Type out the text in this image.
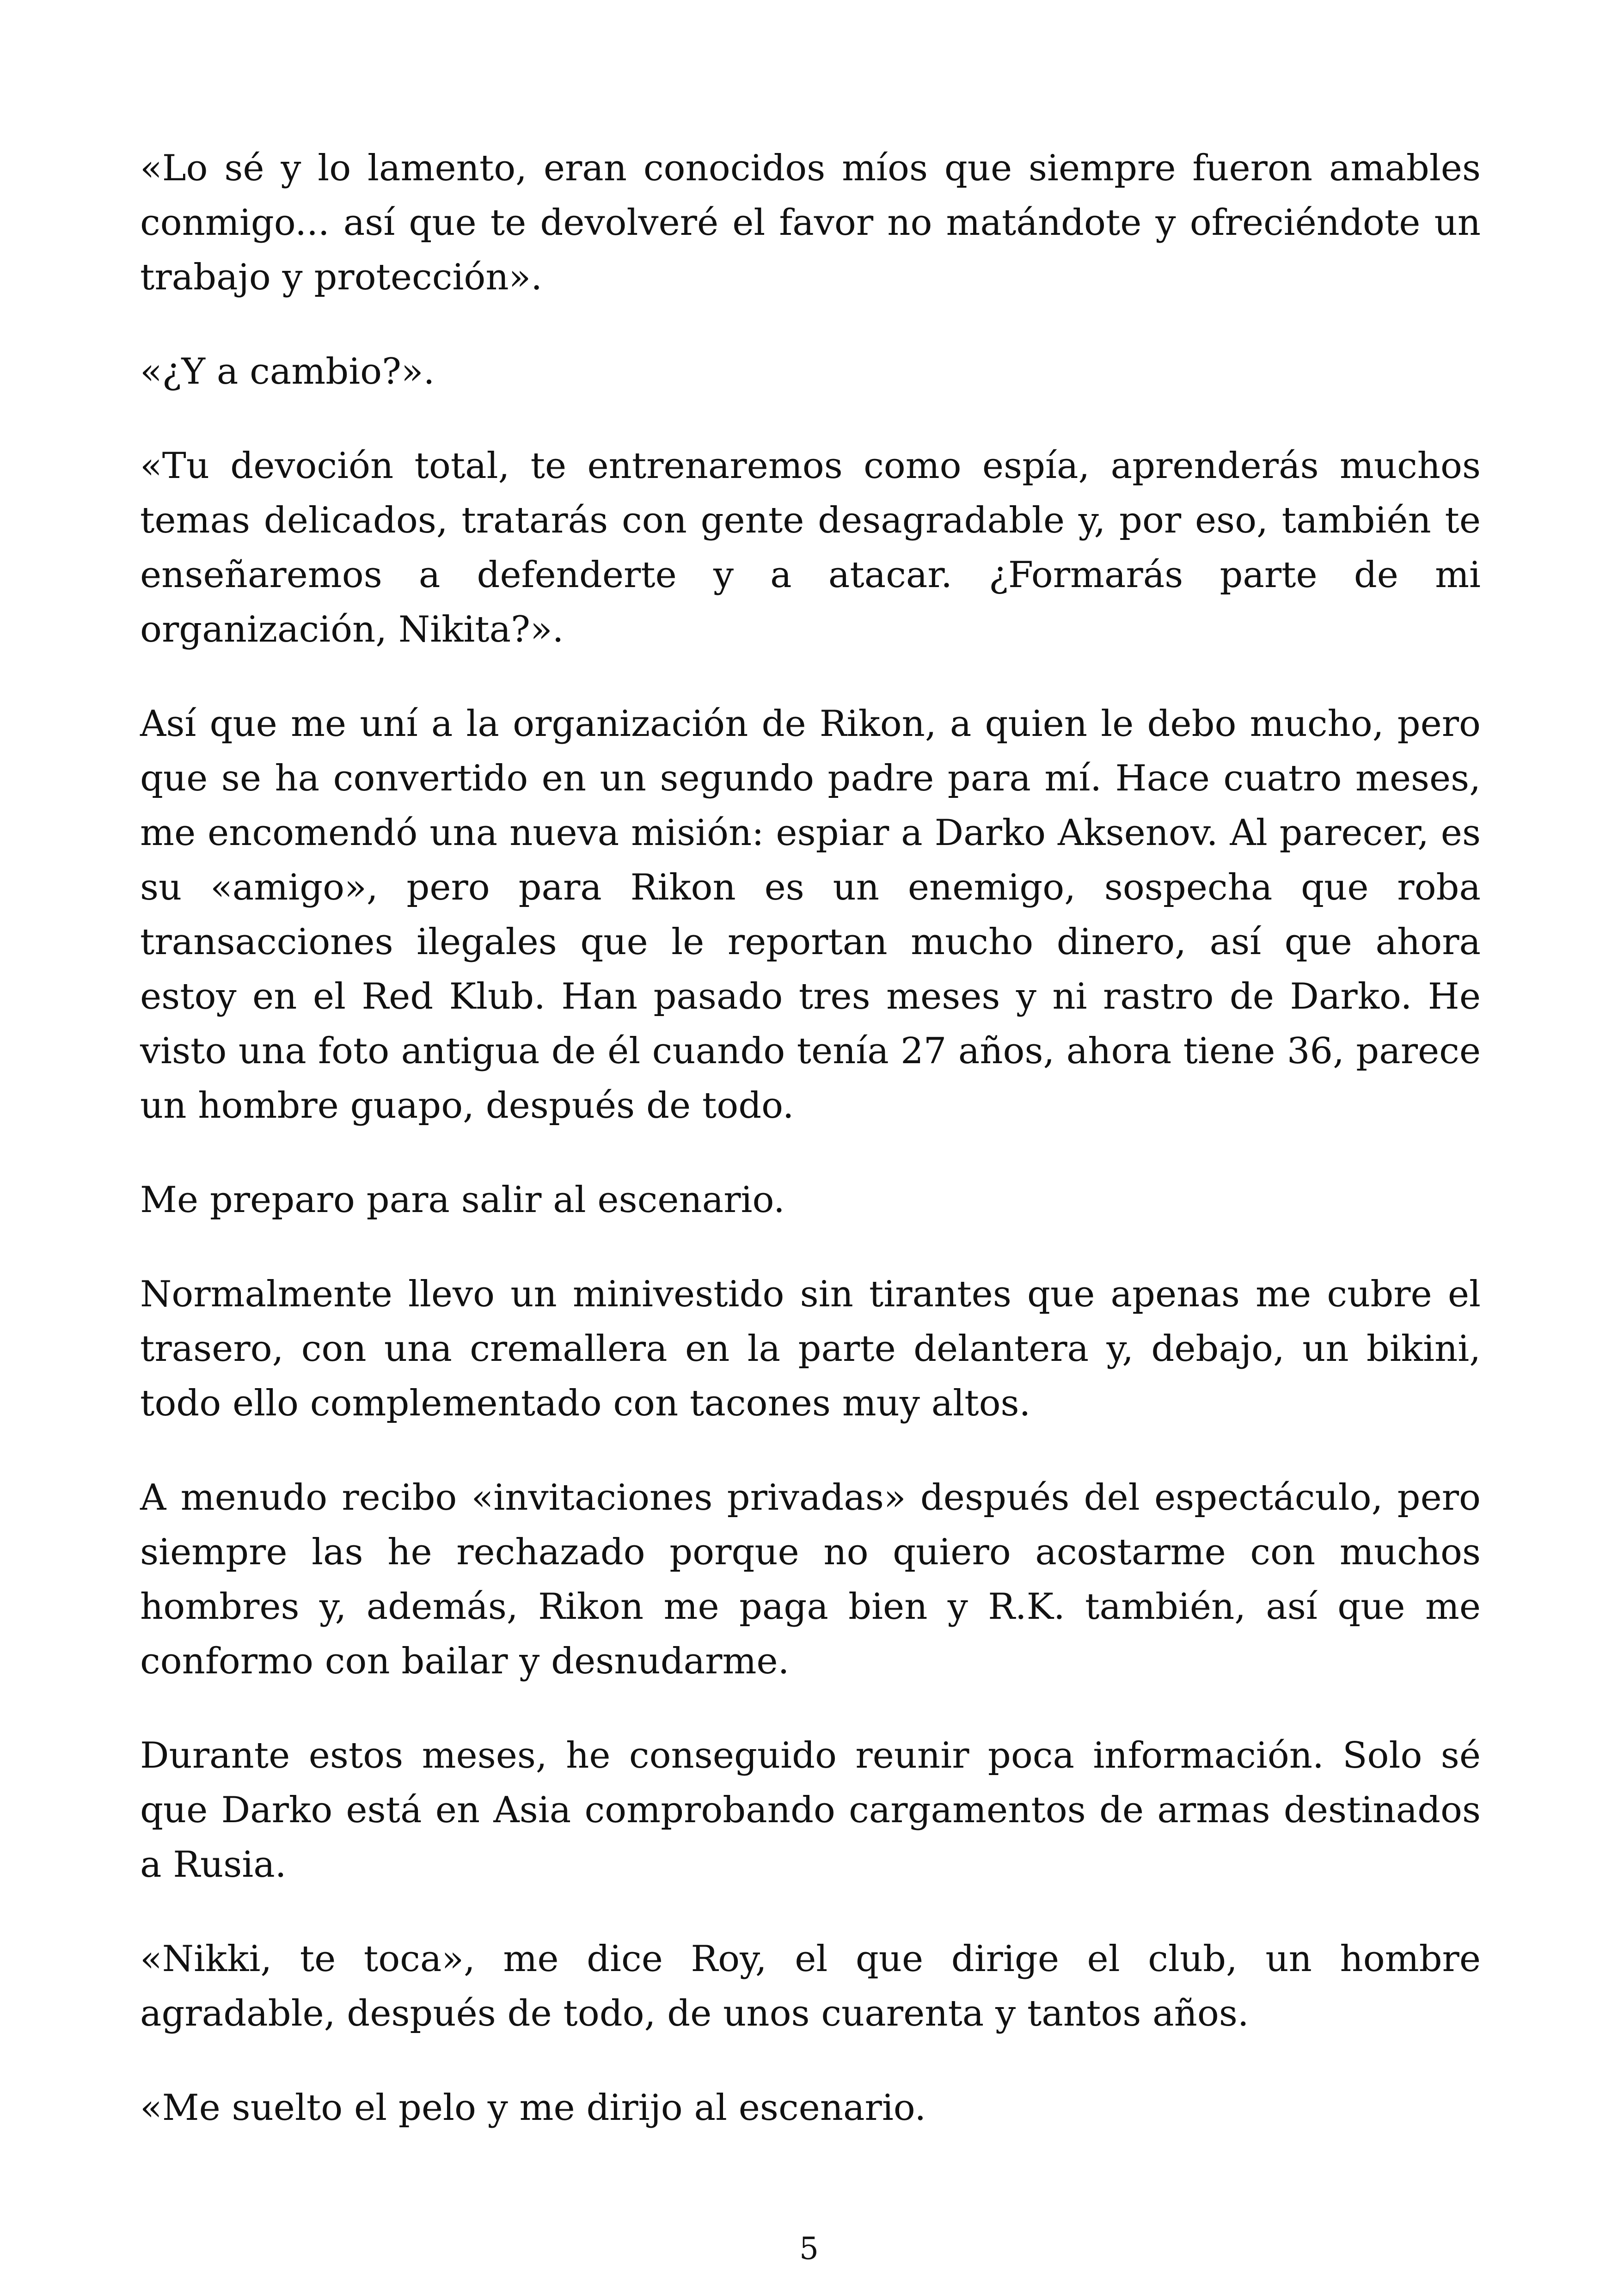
«Lo sé y lo lamento, eran conocidos míos que siempre fueron amables conmigo... así que te devolveré el favor no matándote y ofreciéndote un trabajo y protección».

«¿Y a cambio?».

«Tu devoción total, te entrenaremos como espía, aprenderás muchos temas delicados, tratarás con gente desagradable y, por eso, también te enseñaremos a defenderte y a atacar. ¿Formarás parte de mi organización, Nikita?».

Así que me uní a la organización de Rikon, a quien le debo mucho, pero que se ha convertido en un segundo padre para mí. Hace cuatro meses, me encomendó una nueva misión: espiar a Darko Aksenov. Al parecer, es su «amigo», pero para Rikon es un enemigo, sospecha que roba transacciones ilegales que le reportan mucho dinero, así que ahora estoy en el Red Klub. Han pasado tres meses y ni rastro de Darko. He visto una foto antigua de él cuando tenía 27 años, ahora tiene 36, parece un hombre guapo, después de todo.

Me preparo para salir al escenario.

Normalmente llevo un minivestido sin tirantes que apenas me cubre el trasero, con una cremallera en la parte delantera y, debajo, un bikini, todo ello complementado con tacones muy altos.

A menudo recibo «invitaciones privadas» después del espectáculo, pero siempre las he rechazado porque no quiero acostarme con muchos hombres y, además, Rikon me paga bien y R.K. también, así que me conformo con bailar y desnudarme.

Durante estos meses, he conseguido reunir poca información. Solo sé que Darko está en Asia comprobando cargamentos de armas destinados a Rusia.

«Nikki, te toca», me dice Roy, el que dirige el club, un hombre agradable, después de todo, de unos cuarenta y tantos años.

«Me suelto el pelo y me dirijo al escenario.

5
